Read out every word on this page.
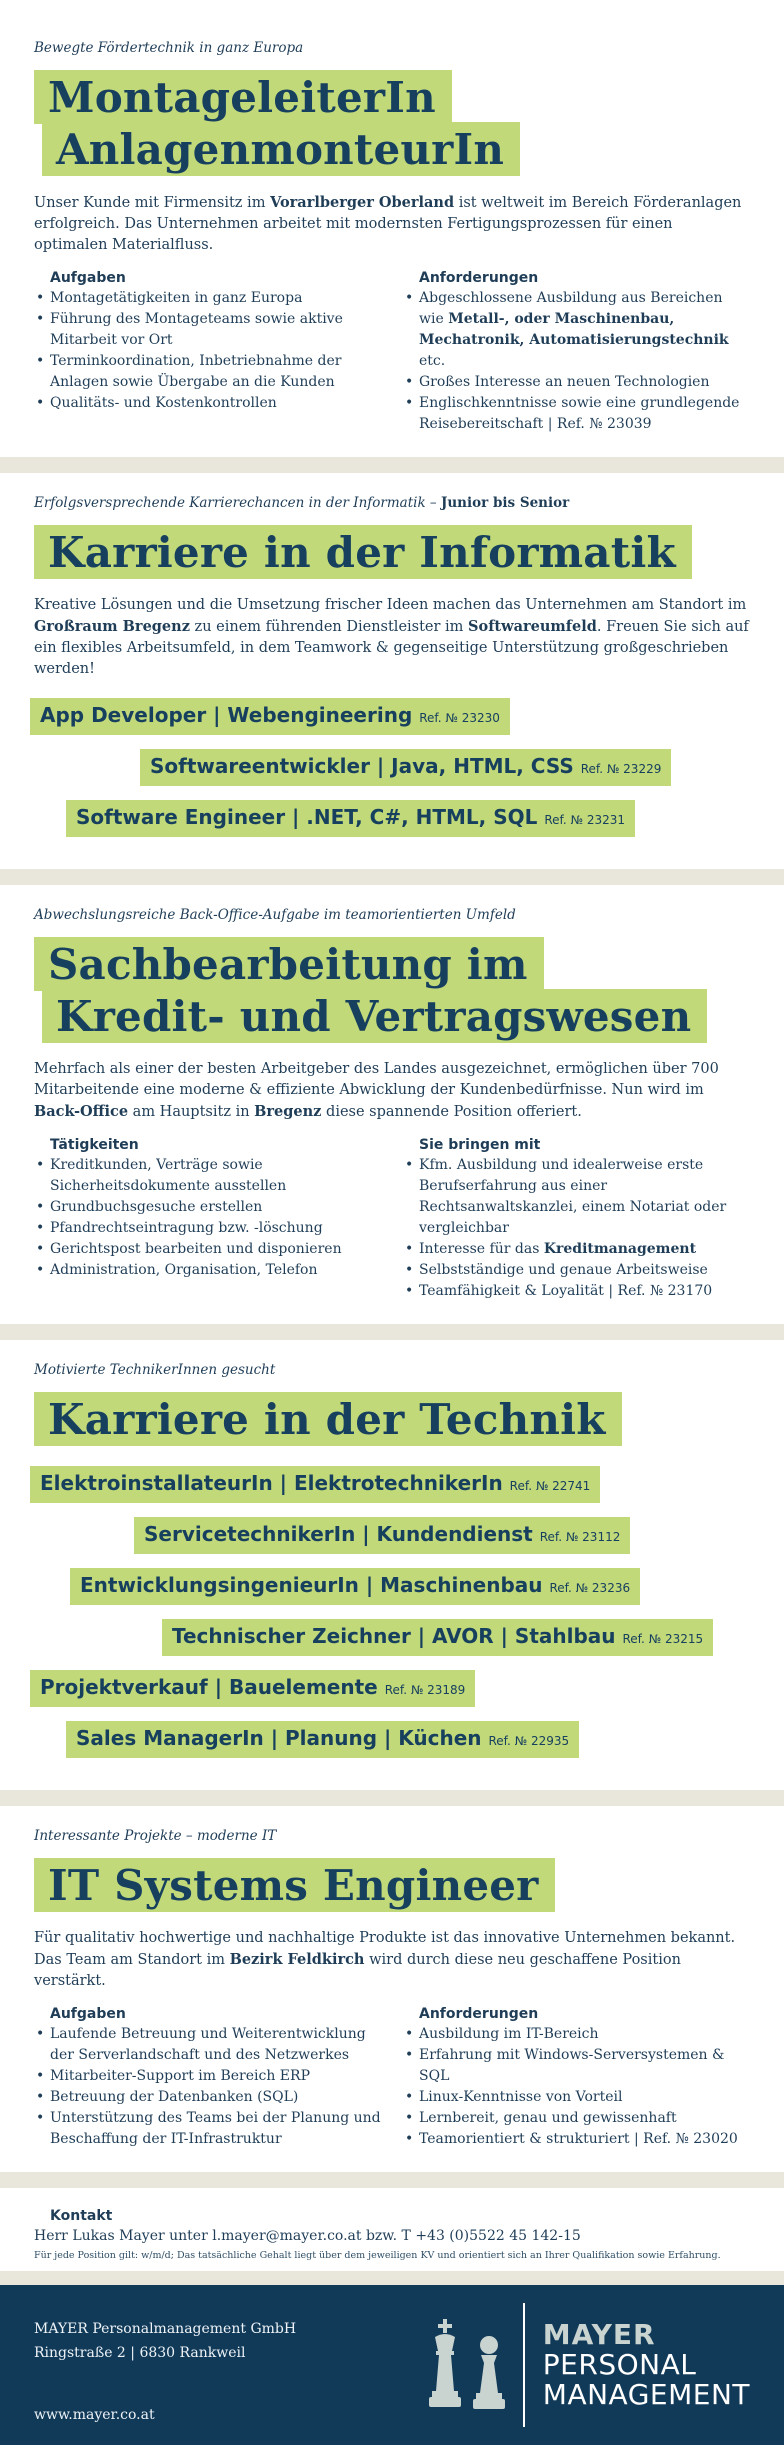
Bewegte Fördertechnik in ganz Europa
MontageleiterIn
AnlagenmonteurIn

Unser Kunde mit Firmensitz im Vorarlberger Oberland ist weltweit im Bereich Förderanlagen erfolgreich. Das Unternehmen arbeitet mit modernsten Fertigungsprozessen für einen optimalen Materialfluss.

Aufgaben
• Montagetätigkeiten in ganz Europa
• Führung des Montageteams sowie aktive Mitarbeit vor Ort
• Terminkoordination, Inbetriebnahme der Anlagen sowie Übergabe an die Kunden
• Qualitäts- und Kostenkontrollen
Anforderungen
• Abgeschlossene Ausbildung aus Bereichen wie Metall-, oder Maschinenbau, Mechatronik, Automatisierungstechnik etc.
• Großes Interesse an neuen Technologien
• Englischkenntnisse sowie eine grundlegende Reisebereitschaft | Ref. № 23039
Erfolgsversprechende Karrierechancen in der Informatik – Junior bis Senior
Karriere in der Informatik

Kreative Lösungen und die Umsetzung frischer Ideen machen das Unternehmen am Standort im Großraum Bregenz zu einem führenden Dienstleister im Softwareumfeld. Freuen Sie sich auf ein flexibles Arbeitsumfeld, in dem Teamwork & gegenseitige Unterstützung großgeschrieben werden!

App Developer | Webengineering Ref. № 23230
Softwareentwickler | Java, HTML, CSS Ref. № 23229
Software Engineer | .NET, C#, HTML, SQL Ref. № 23231
Abwechslungsreiche Back-Office-Aufgabe im teamorientierten Umfeld
Sachbearbeitung im
Kredit- und Vertragswesen

Mehrfach als einer der besten Arbeitgeber des Landes ausgezeichnet, ermöglichen über 700 Mitarbeitende eine moderne & effiziente Abwicklung der Kundenbedürfnisse. Nun wird im Back-Office am Hauptsitz in Bregenz diese spannende Position offeriert.

Tätigkeiten
• Kreditkunden, Verträge sowie Sicherheitsdokumente ausstellen
• Grundbuchsgesuche erstellen
• Pfandrechtseintragung bzw. -löschung
• Gerichtspost bearbeiten und disponieren
• Administration, Organisation, Telefon
Sie bringen mit
• Kfm. Ausbildung und idealerweise erste Berufserfahrung aus einer Rechtsanwaltskanzlei, einem Notariat oder vergleichbar
• Interesse für das Kreditmanagement
• Selbstständige und genaue Arbeitsweise
• Teamfähigkeit & Loyalität | Ref. № 23170
Motivierte TechnikerInnen gesucht
Karriere in der Technik
ElektroinstallateurIn | ElektrotechnikerIn Ref. № 22741
ServicetechnikerIn | Kundendienst Ref. № 23112
EntwicklungsingenieurIn | Maschinenbau Ref. № 23236
Technischer Zeichner | AVOR | Stahlbau Ref. № 23215
Projektverkauf | Bauelemente Ref. № 23189
Sales ManagerIn | Planung | Küchen Ref. № 22935
Interessante Projekte – moderne IT
IT Systems Engineer

Für qualitativ hochwertige und nachhaltige Produkte ist das innovative Unternehmen bekannt. Das Team am Standort im Bezirk Feldkirch wird durch diese neu geschaffene Position verstärkt.

Aufgaben
• Laufende Betreuung und Weiterentwicklung der Serverlandschaft und des Netzwerkes
• Mitarbeiter-Support im Bereich ERP
• Betreuung der Datenbanken (SQL)
• Unterstützung des Teams bei der Planung und Beschaffung der IT-Infrastruktur
Anforderungen
• Ausbildung im IT-Bereich
• Erfahrung mit Windows-Serversystemen & SQL
• Linux-Kenntnisse von Vorteil
• Lernbereit, genau und gewissenhaft
• Teamorientiert & strukturiert | Ref. № 23020
Kontakt
Herr Lukas Mayer unter l.mayer@mayer.co.at bzw. T +43 (0)5522 45 142-15
Für jede Position gilt: w/m/d; Das tatsächliche Gehalt liegt über dem jeweiligen KV und orientiert sich an Ihrer Qualifikation sowie Erfahrung.
MAYER Personalmanagement GmbH
Ringstraße 2 | 6830 Rankweil
www.mayer.co.at
MAYER
PERSONAL
MANAGEMENT
